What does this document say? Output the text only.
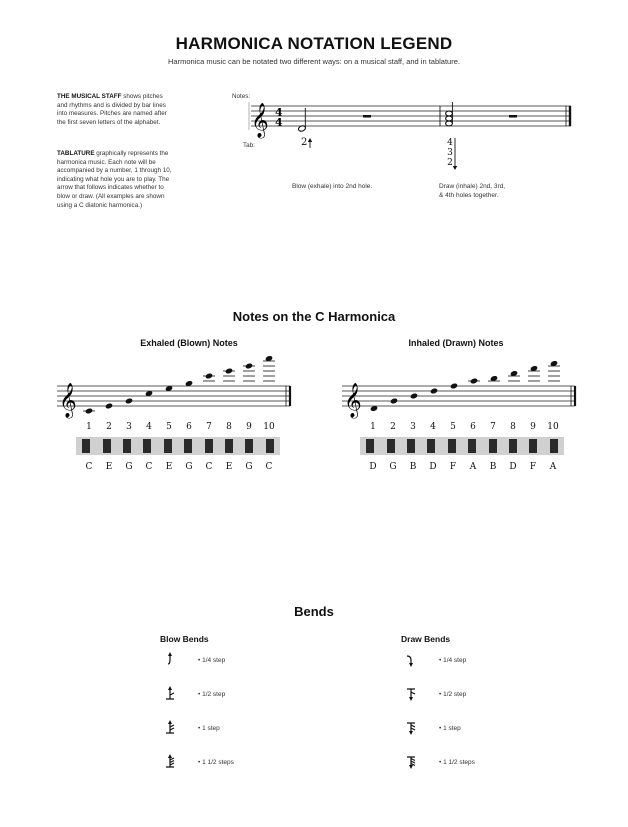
HARMONICA NOTATION LEGEND
Harmonica music can be notated two different ways: on a musical staff, and in tablature.
THE MUSICAL STAFF shows pitches and rhythms and is divided by bar lines into measures. Pitches are named after the first seven letters of the alphabet.
TABLATURE graphically represents the harmonica music. Each note will be accompanied by a number, 1 through 10, indicating what hole you are to play. The arrow that follows indicates whether to blow or draw. (All examples are shown using a C diatonic harmonica.)
Notes:
Tab:
𝄞 4
4
2	4
3
2
Blow (exhale) into 2nd hole.	Draw (inhale) 2nd, 3rd,
& 4th holes together.
Notes on the C Harmonica
Exhaled (Blown) Notes
𝄞
1	2	3	4	5	6	7	8	9	10
C	E	G	C	E	G	C	E	G	C
Inhaled (Drawn) Notes
𝄞
1	2	3	4	5	6	7	8	9	10
D	G	B	D	F	A	B	D	F	A
Bends
Blow Bends
• 1/4 step
• 1/2 step
• 1 step
• 1 1/2 steps
Draw Bends
• 1/4 step
• 1/2 step
• 1 step
• 1 1/2 steps
